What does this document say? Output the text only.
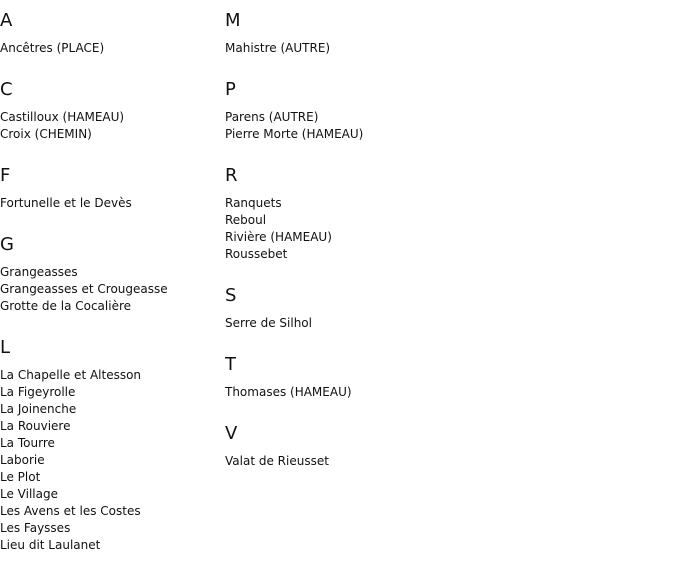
A
Ancêtres (PLACE)
C
Castilloux (HAMEAU)
Croix (CHEMIN)
F
Fortunelle et le Devès
G
Grangeasses
Grangeasses et Crougeasse
Grotte de la Cocalière
L
La Chapelle et Altesson
La Figeyrolle
La Joinenche
La Rouviere
La Tourre
Laborie
Le Plot
Le Village
Les Avens et les Costes
Les Faysses
Lieu dit Laulanet
M
Mahistre (AUTRE)
P
Parens (AUTRE)
Pierre Morte (HAMEAU)
R
Ranquets
Reboul
Rivière (HAMEAU)
Roussebet
S
Serre de Silhol
T
Thomases (HAMEAU)
V
Valat de Rieusset
